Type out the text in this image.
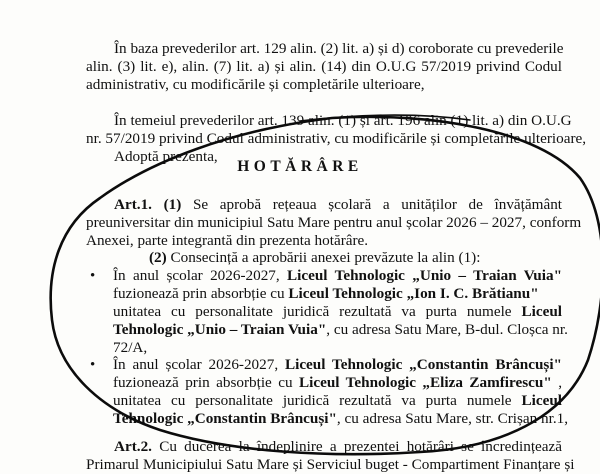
În baza prevederilor art. 129 alin. (2) lit. a) și d) coroborate cu prevederile
alin. (3) lit. e), alin. (7) lit. a) și alin. (14) din O.U.G 57/2019 privind Codul
administrativ, cu modificările și completările ulterioare,
În temeiul prevederilor art. 139 alin. (1) și art. 196 alin (1) lit. a) din O.U.G
nr. 57/2019 privind Codul administrativ, cu modificările și completările ulterioare,
Adoptă prezenta,
HOTĂRÂRE
Art.1. (1) Se aprobă rețeaua școlară a unităților de învățământ
preuniversitar din municipiul Satu Mare pentru anul școlar 2026 – 2027, conform
Anexei, parte integrantă din prezenta hotărâre.
(2) Consecință a aprobării anexei prevăzute la alin (1):
• În anul școlar 2026-2027, Liceul Tehnologic „Unio – Traian Vuia"
fuzionează prin absorbție cu Liceul Tehnologic „Ion I. C. Brătianu"
unitatea cu personalitate juridică rezultată va purta numele Liceul
Tehnologic „Unio – Traian Vuia", cu adresa Satu Mare, B-dul. Cloșca nr.
72/A,
• În anul școlar 2026-2027, Liceul Tehnologic „Constantin Brâncuși"
fuzionează prin absorbție cu Liceul Tehnologic „Eliza Zamfirescu" ,
unitatea cu personalitate juridică rezultată va purta numele Liceul
Tehnologic „Constantin Brâncuși", cu adresa Satu Mare, str. Crișan nr.1,
Art.2. Cu ducerea la îndeplinire a prezentei hotărâri se încredințează
Primarul Municipiului Satu Mare și Serviciul buget - Compartiment Finanțare și
